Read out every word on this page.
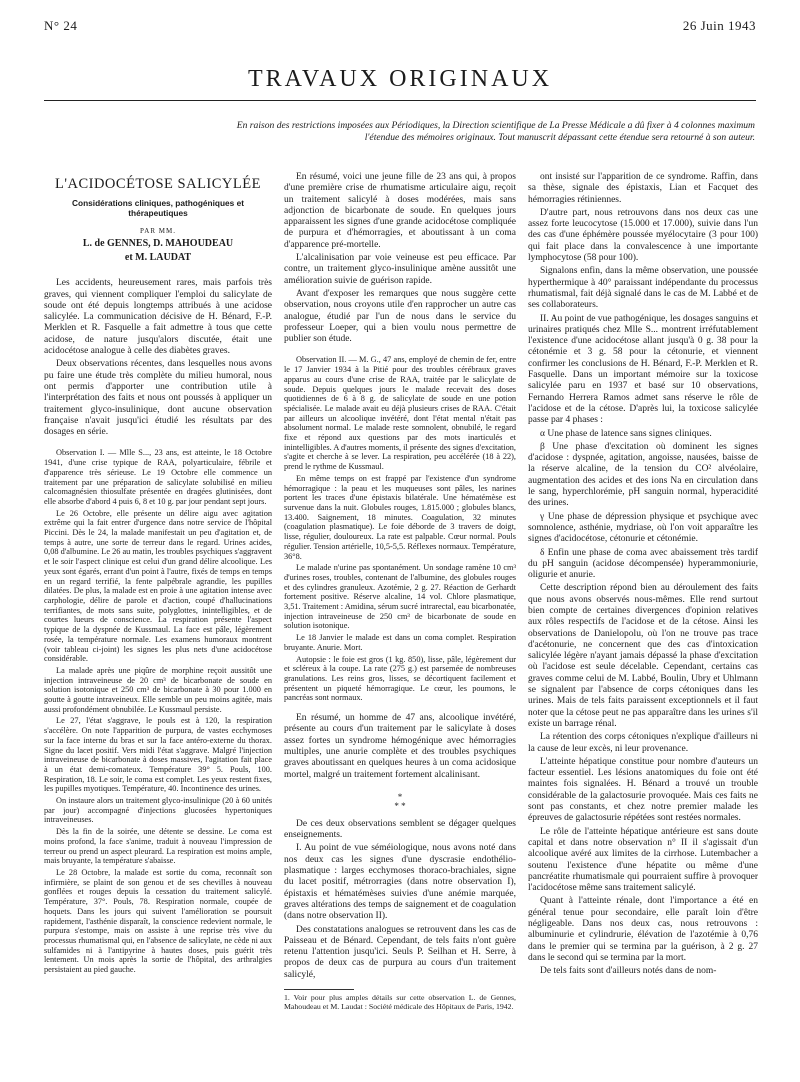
N° 24	26 Juin 1943
TRAVAUX ORIGINAUX
En raison des restrictions imposées aux Périodiques, la Direction scientifique de La Presse Médicale a dû fixer à 4 colonnes maximum l'étendue des mémoires originaux. Tout manuscrit dépassant cette étendue sera retourné à son auteur.
L'ACIDOCÉTOSE SALICYLÉE
Considérations cliniques, pathogéniques et thérapeutiques
PAR MM.
L. de GENNES, D. MAHOUDEAU
et M. LAUDAT

Les accidents, heureusement rares, mais parfois très graves, qui viennent compliquer l'emploi du salicylate de soude ont été depuis longtemps attribués à une acidose salicylée. La communication décisive de H. Bénard, F.-P. Merklen et R. Fasquelle a fait admettre à tous que cette acidose, de nature jusqu'alors discutée, était une acidocétose analogue à celle des diabètes graves.

Deux observations récentes, dans lesquelles nous avons pu faire une étude très complète du milieu humoral, nous ont permis d'apporter une contribution utile à l'interprétation des faits et nous ont poussés à appliquer un traitement glyco-insulinique, dont aucune observation française n'avait jusqu'ici étudié les résultats par des dosages en série.

Observation I. — Mlle S..., 23 ans, est atteinte, le 18 Octobre 1941, d'une crise typique de RAA, polyarticulaire, fébrile et d'apparence très sérieuse. Le 19 Octobre elle commence un traitement par une préparation de salicylate solubilisé en milieu calcomagnésien thiosulfate présentée en dragées glutinisées, dont elle absorbe d'abord 4 puis 6, 8 et 10 g. par jour pendant sept jours.

Le 26 Octobre, elle présente un délire aigu avec agitation extrême qui la fait entrer d'urgence dans notre service de l'hôpital Piccini. Dès le 24, la malade manifestait un peu d'agitation et, de temps à autre, une sorte de terreur dans le regard. Urines acides, 0,08 d'albumine. Le 26 au matin, les troubles psychiques s'aggravent et le soir l'aspect clinique est celui d'un grand délire alcoolique. Les yeux sont égarés, errant d'un point à l'autre, fixés de temps en temps en un regard terrifié, la fente palpébrale agrandie, les pupilles dilatées. De plus, la malade est en proie à une agitation intense avec carphologie, délire de parole et d'action, coupé d'hallucinations terrifiantes, de mots sans suite, polyglottes, inintelligibles, et de courtes lueurs de conscience. La respiration présente l'aspect typique de la dyspnée de Kussmaul. La face est pâle, légèrement rosée, la température normale. Les examens humoraux montrent (voir tableau ci-joint) les signes les plus nets d'une acidocétose considérable.

La malade après une piqûre de morphine reçoit aussitôt une injection intraveineuse de 20 cm³ de bicarbonate de soude en solution isotonique et 250 cm³ de bicarbonate à 30 pour 1.000 en goutte à goutte intraveineux. Elle semble un peu moins agitée, mais aussi profondément obnubilée. Le Kussmaul persiste.

Le 27, l'état s'aggrave, le pouls est à 120, la respiration s'accélère. On note l'apparition de purpura, de vastes ecchymoses sur la face interne du bras et sur la face antéro-externe du thorax. Signe du lacet positif. Vers midi l'état s'aggrave. Malgré l'injection intraveineuse de bicarbonate à doses massives, l'agitation fait place à un état demi-comateux. Température 39° 5. Pouls, 100. Respiration, 18. Le soir, le coma est complet. Les yeux restent fixes, les pupilles myotiques. Température, 40. Incontinence des urines.

On instaure alors un traitement glyco-insulinique (20 à 60 unités par jour) accompagné d'injections glucosées hypertoniques intraveineuses.

Dès la fin de la soirée, une détente se dessine. Le coma est moins profond, la face s'anime, traduit à nouveau l'impression de terreur ou prend un aspect pleurard. La respiration est moins ample, mais bruyante, la température s'abaisse.

Le 28 Octobre, la malade est sortie du coma, reconnaît son infirmière, se plaint de son genou et de ses chevilles à nouveau gonflées et rouges depuis la cessation du traitement salicylé. Température, 37°. Pouls, 78. Respiration normale, coupée de hoquets. Dans les jours qui suivent l'amélioration se poursuit rapidement, l'asthénie disparaît, la conscience redevient normale, le purpura s'estompe, mais on assiste à une reprise très vive du processus rhumatismal qui, en l'absence de salicylate, ne cède ni aux sulfamides ni à l'antipyrine à hautes doses, puis guérit très lentement. Un mois après la sortie de l'hôpital, des arthralgies persistaient au pied gauche.

En résumé, voici une jeune fille de 23 ans qui, à propos d'une première crise de rhumatisme articulaire aigu, reçoit un traitement salicylé à doses modérées, mais sans adjonction de bicarbonate de soude. En quelques jours apparaissent les signes d'une grande acidocétose compliquée de purpura et d'hémorragies, et aboutissant à un coma d'apparence pré-mortelle.

L'alcalinisation par voie veineuse est peu efficace. Par contre, un traitement glyco-insulinique amène aussitôt une amélioration suivie de guérison rapide.

Avant d'exposer les remarques que nous suggère cette observation, nous croyons utile d'en rapprocher un autre cas analogue, étudié par l'un de nous dans le service du professeur Loeper, qui a bien voulu nous permettre de publier son étude.

Observation II. — M. G., 47 ans, employé de chemin de fer, entre le 17 Janvier 1934 à la Pitié pour des troubles cérébraux graves apparus au cours d'une crise de RAA, traitée par le salicylate de soude. Depuis quelques jours le malade recevait des doses quotidiennes de 6 à 8 g. de salicylate de soude en une potion spécialisée. Le malade avait eu déjà plusieurs crises de RAA. C'était par ailleurs un alcoolique invétéré, dont l'état mental n'était pas absolument normal. Le malade reste somnolent, obnubilé, le regard fixe et répond aux questions par des mots inarticulés et inintelligibles. A d'autres moments, il présente des signes d'excitation, s'agite et cherche à se lever. La respiration, peu accélérée (18 à 22), prend le rythme de Kussmaul.

En même temps on est frappé par l'existence d'un syndrome hémorragique : la peau et les muqueuses sont pâles, les narines portent les traces d'une épistaxis bilatérale. Une hématémèse est survenue dans la nuit. Globules rouges, 1.815.000 ; globules blancs, 13.400. Saignement, 18 minutes. Coagulation, 32 minutes (coagulation plasmatique). Le foie déborde de 3 travers de doigt, lisse, régulier, douloureux. La rate est palpable. Cœur normal. Pouls régulier. Tension artérielle, 10,5-5,5. Réflexes normaux. Température, 36°8.

Le malade n'urine pas spontanément. Un sondage ramène 10 cm³ d'urines roses, troubles, contenant de l'albumine, des globules rouges et des cylindres granuleux. Azotémie, 2 g. 27. Réaction de Gerhardt fortement positive. Réserve alcaline, 14 vol. Chlore plasmatique, 3,51. Traitement : Amidina, sérum sucré intrarectal, eau bicarbonatée, injection intraveineuse de 250 cm³ de bicarbonate de soude en solution isotonique.

Le 18 Janvier le malade est dans un coma complet. Respiration bruyante. Anurie. Mort.

Autopsie : le foie est gros (1 kg. 850), lisse, pâle, légèrement dur et scléreux à la coupe. La rate (275 g.) est parsemée de nombreuses granulations. Les reins gros, lisses, se décortiquent facilement et présentent un piqueté hémorragique. Le cœur, les poumons, le pancréas sont normaux.

En résumé, un homme de 47 ans, alcoolique invétéré, présente au cours d'un traitement par le salicylate à doses assez fortes un syndrome hémogénique avec hémorragies multiples, une anurie complète et des troubles psychiques graves aboutissant en quelques heures à un coma acidosique mortel, malgré un traitement fortement alcalinisant.

*
* *

De ces deux observations semblent se dégager quelques enseignements.

I. Au point de vue séméiologique, nous avons noté dans nos deux cas les signes d'une dyscrasie endothélio-plasmatique : larges ecchymoses thoraco-brachiales, signe du lacet positif, métrorragies (dans notre observation I), épistaxis et hématémèses suivies d'une anémie marquée, graves altérations des temps de saignement et de coagulation (dans notre observation II).

Des constatations analogues se retrouvent dans les cas de Paisseau et de Bénard. Cependant, de tels faits n'ont guère retenu l'attention jusqu'ici. Seuls P. Seilhan et H. Serre, à propos de deux cas de purpura au cours d'un traitement salicylé,

1. Voir pour plus amples détails sur cette observation L. de Gennes, Mahoudeau et M. Laudat : Société médicale des Hôpitaux de Paris, 1942.

ont insisté sur l'apparition de ce syndrome. Raffin, dans sa thèse, signale des épistaxis, Lian et Facquet des hémorragies rétiniennes.

D'autre part, nous retrouvons dans nos deux cas une assez forte leucocytose (15.000 et 17.000), suivie dans l'un des cas d'une éphémère poussée myélocytaire (3 pour 100) qui fait place dans la convalescence à une importante lymphocytose (58 pour 100).

Signalons enfin, dans la même observation, une poussée hyperthermique à 40° paraissant indépendante du processus rhumatismal, fait déjà signalé dans le cas de M. Labbé et de ses collaborateurs.

II. Au point de vue pathogénique, les dosages sanguins et urinaires pratiqués chez Mlle S... montrent irréfutablement l'existence d'une acidocétose allant jusqu'à 0 g. 38 pour la cétonémie et 3 g. 58 pour la cétonurie, et viennent confirmer les conclusions de H. Bénard, F.-P. Merklen et R. Fasquelle. Dans un important mémoire sur la toxicose salicylée paru en 1937 et basé sur 10 observations, Fernando Herrera Ramos admet sans réserve le rôle de l'acidose et de la cétose. D'après lui, la toxicose salicylée passe par 4 phases :

α Une phase de latence sans signes cliniques.

β Une phase d'excitation où dominent les signes d'acidose : dyspnée, agitation, angoisse, nausées, baisse de la réserve alcaline, de la tension du CO² alvéolaire, augmentation des acides et des ions Na en circulation dans le sang, hyperchlorémie, pH sanguin normal, hyperacidité des urines.

γ Une phase de dépression physique et psychique avec somnolence, asthénie, mydriase, où l'on voit apparaître les signes d'acidocétose, cétonurie et cétonémie.

δ Enfin une phase de coma avec abaissement très tardif du pH sanguin (acidose décompensée) hyperammoniurie, oligurie et anurie.

Cette description répond bien au déroulement des faits que nous avons observés nous-mêmes. Elle rend surtout bien compte de certaines divergences d'opinion relatives aux rôles respectifs de l'acidose et de la cétose. Ainsi les observations de Danielopolu, où l'on ne trouve pas trace d'acétonurie, ne concernent que des cas d'intoxication salicylée légère n'ayant jamais dépassé la phase d'excitation où l'acidose est seule décelable. Cependant, certains cas graves comme celui de M. Labbé, Boulin, Ubry et Uhlmann se signalent par l'absence de corps cétoniques dans les urines. Mais de tels faits paraissent exceptionnels et il faut noter que la cétose peut ne pas apparaître dans les urines s'il existe un barrage rénal.

La rétention des corps cétoniques n'explique d'ailleurs ni la cause de leur excès, ni leur provenance.

L'atteinte hépatique constitue pour nombre d'auteurs un facteur essentiel. Les lésions anatomiques du foie ont été maintes fois signalées. H. Bénard a trouvé un trouble considérable de la galactosurie provoquée. Mais ces faits ne sont pas constants, et chez notre premier malade les épreuves de galactosurie répétées sont restées normales.

Le rôle de l'atteinte hépatique antérieure est sans doute capital et dans notre observation n° II il s'agissait d'un alcoolique avéré aux limites de la cirrhose. Lutembacher a soutenu l'existence d'une hépatite ou même d'une pancréatite rhumatismale qui pourraient suffire à provoquer l'acidocétose même sans traitement salicylé.

Quant à l'atteinte rénale, dont l'importance a été en général tenue pour secondaire, elle paraît loin d'être négligeable. Dans nos deux cas, nous retrouvons : albuminurie et cylindrurie, élévation de l'azotémie à 0,76 dans le premier qui se termina par la guérison, à 2 g. 27 dans le second qui se termina par la mort.

De tels faits sont d'ailleurs notés dans de nom-
